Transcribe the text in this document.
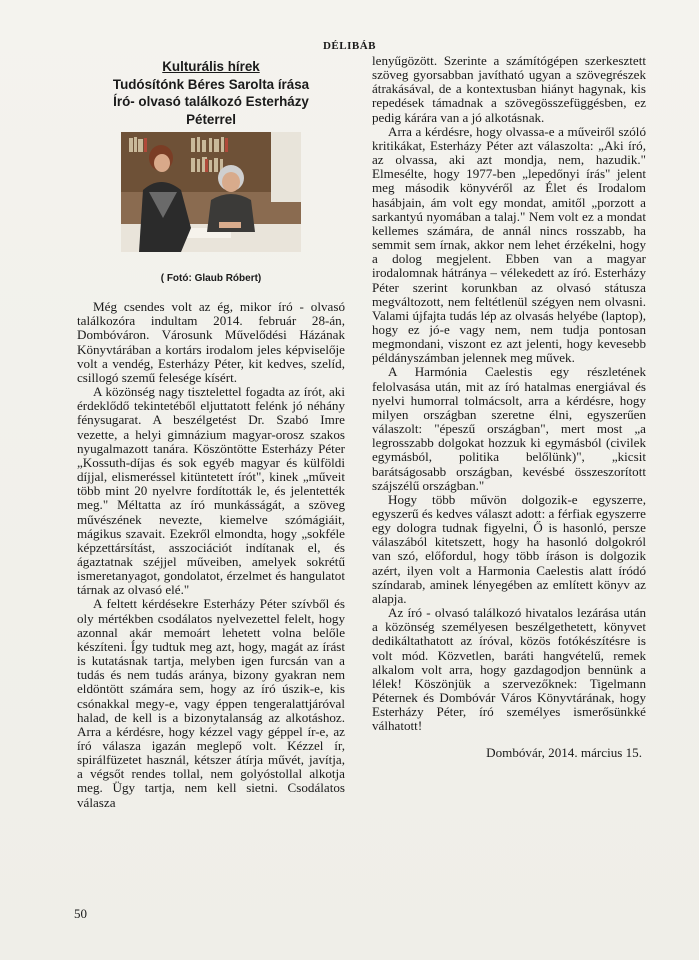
DÉLIBÁB
Kulturális hírek
Tudósítónk Béres Sarolta írása
Író- olvasó találkozó Esterházy
Péterrel
( Fotó: Glaub Róbert)

Még csendes volt az ég, mikor író - olvasó találkozóra indultam 2014. február 28-án, Dombóváron. Városunk Művelődési Házának Könyvtárában a kortárs irodalom jeles képviselője volt a vendég, Esterházy Péter, kit kedves, szelíd, csillogó szemű felesége kísért.

A közönség nagy tisztelettel fogadta az írót, aki érdeklődő tekintetéből eljuttatott felénk jó néhány fénysugarat. A beszélgetést Dr. Szabó Imre vezette, a helyi gimnázium magyar-orosz szakos nyugalmazott tanára. Köszöntötte Esterházy Péter „Kossuth-díjas és sok egyéb magyar és külföldi díjjal, elismeréssel kitüntetett írót", kinek „műveit több mint 20 nyelvre fordították le, és jelentették meg." Méltatta az író munkásságát, a szöveg művészének nevezte, kiemelve szómágiáit, mágikus szavait. Ezekről elmondta, hogy „sokféle képzettársítást, asszociációt indítanak el, és ágaztatnak széjjel műveiben, amelyek sokrétű ismeretanyagot, gondolatot, érzelmet és hangulatot tárnak az olvasó elé."

A feltett kérdésekre Esterházy Péter szívből és oly mértékben csodálatos nyelvezettel felelt, hogy azonnal akár memoárt lehetett volna belőle készíteni. Így tudtuk meg azt, hogy, magát az írást is kutatásnak tartja, melyben igen furcsán van a tudás és nem tudás aránya, bizony gyakran nem eldöntött számára sem, hogy az író úszik-e, kis csónakkal megy-e, vagy éppen tengeralattjáróval halad, de kell is a bizonytalanság az alkotáshoz. Arra a kérdésre, hogy kézzel vagy géppel ír-e, az író válasza igazán meglepő volt. Kézzel ír, spirálfüzetet használ, kétszer átírja művét, javítja, a végsőt rendes tollal, nem golyóstollal alkotja meg. Ügy tartja, nem kell sietni. Csodálatos válasza

lenyűgözött. Szerinte a számítógépen szerkesztett szöveg gyorsabban javítható ugyan a szövegrészek átrakásával, de a kontextusban hiányt hagynak, kis repedések támadnak a szövegösszefüggésben, ez pedig kárára van a jó alkotásnak.

Arra a kérdésre, hogy olvassa-e a műveiről szóló kritikákat, Esterházy Péter azt válaszolta: „Aki író, az olvassa, aki azt mondja, nem, hazudik." Elmesélte, hogy 1977-ben „lepedőnyi írás" jelent meg második könyvéről az Élet és Irodalom hasábjain, ám volt egy mondat, amitől „porzott a sarkantyú nyomában a talaj." Nem volt ez a mondat kellemes számára, de annál nincs rosszabb, ha semmit sem írnak, akkor nem lehet érzékelni, hogy a dolog megjelent. Ebben van a magyar irodalomnak hátránya – vélekedett az író. Esterházy Péter szerint korunkban az olvasó státusza megváltozott, nem feltétlenül szégyen nem olvasni. Valami újfajta tudás lép az olvasás helyébe (laptop), hogy ez jó-e vagy nem, nem tudja pontosan megmondani, viszont ez azt jelenti, hogy kevesebb példányszámban jelennek meg művek.

A Harmónia Caelestis egy részletének felolvasása után, mit az író hatalmas energiával és nyelvi humorral tolmácsolt, arra a kérdésre, hogy milyen országban szeretne élni, egyszerűen válaszolt: "épeszű országban", mert most „a legrosszabb dolgokat hozzuk ki egymásból (civilek egymásból, politika belőlünk)", „kicsit barátságosabb országban, kevésbé összeszorított szájszélű országban."

Hogy több művön dolgozik-e egyszerre, egyszerű és kedves választ adott: a férfiak egyszerre egy dologra tudnak figyelni, Ő is hasonló, persze válaszából kitetszett, hogy ha hasonló dolgokról van szó, előfordul, hogy több íráson is dolgozik azért, ilyen volt a Harmonia Caelestis alatt íródó színdarab, aminek lényegében az említett könyv az alapja.

Az író - olvasó találkozó hivatalos lezárása után a közönség személyesen beszélgethetett, könyvet dedikáltathatott az íróval, közös fotókészítésre is volt mód. Közvetlen, baráti hangvételű, remek alkalom volt arra, hogy gazdagodjon bennünk a lélek! Köszönjük a szervezőknek: Tigelmann Péternek és Dombóvár Város Könyvtárának, hogy Esterházy Péter, író személyes ismerősünkké válhatott!

Dombóvár, 2014. március 15.
50
